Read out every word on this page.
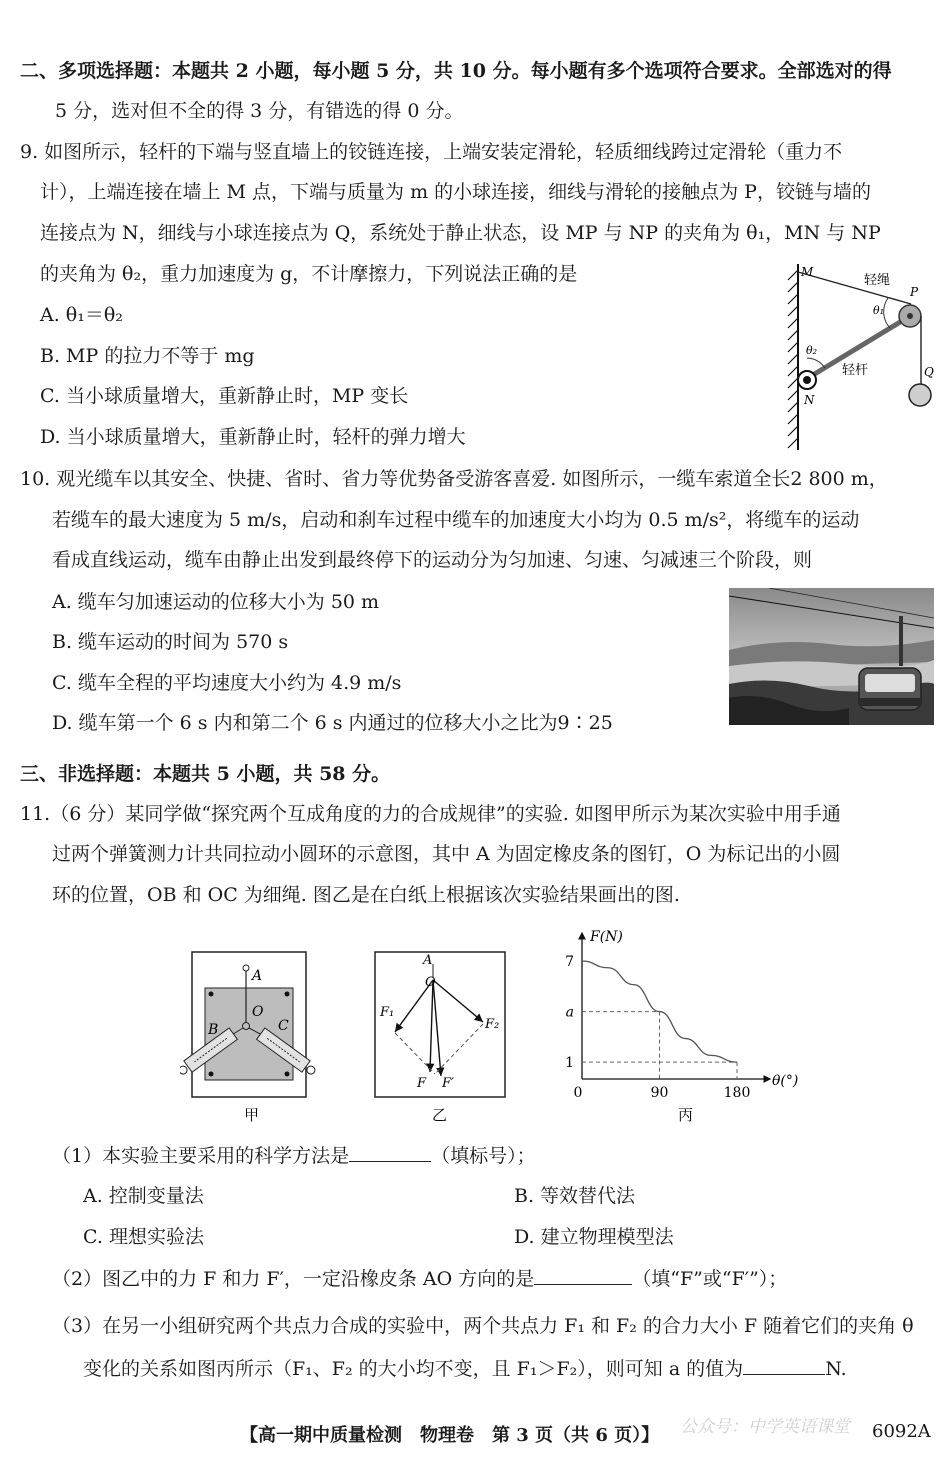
二、多项选择题：本题共 2 小题，每小题 5 分，共 10 分。每小题有多个选项符合要求。全部选对的得
5 分，选对但不全的得 3 分，有错选的得 0 分。
9. 如图所示，轻杆的下端与竖直墙上的铰链连接，上端安装定滑轮，轻质细线跨过定滑轮（重力不
计），上端连接在墙上 M 点，下端与质量为 m 的小球连接，细线与滑轮的接触点为 P，铰链与墙的
连接点为 N，细线与小球连接点为 Q，系统处于静止状态，设 MP 与 NP 的夹角为 θ₁，MN 与 NP
的夹角为 θ₂，重力加速度为 g，不计摩擦力，下列说法正确的是
A. θ₁＝θ₂
B. MP 的拉力不等于 mg
C. 当小球质量增大，重新静止时，MP 变长
D. 当小球质量增大，重新静止时，轻杆的弹力增大
M
轻绳
P
θ₁
θ₂
轻杆	Q
N
10. 观光缆车以其安全、快捷、省时、省力等优势备受游客喜爱. 如图所示，一缆车索道全长2 800 m，
若缆车的最大速度为 5 m/s，启动和刹车过程中缆车的加速度大小均为 0.5 m/s²，将缆车的运动
看成直线运动，缆车由静止出发到最终停下的运动分为匀加速、匀速、匀减速三个阶段，则
A. 缆车匀加速运动的位移大小为 50 m
B. 缆车运动的时间为 570 s
C. 缆车全程的平均速度大小约为 4.9 m/s
D. 缆车第一个 6 s 内和第二个 6 s 内通过的位移大小之比为9∶25
三、非选择题：本题共 5 小题，共 58 分。
11.（6 分）某同学做“探究两个互成角度的力的合成规律”的实验. 如图甲所示为某次实验中用手通
过两个弹簧测力计共同拉动小圆环的示意图，其中 A 为固定橡皮条的图钉，O 为标记出的小圆
环的位置，OB 和 OC 为细绳. 图乙是在白纸上根据该次实验结果画出的图.
A
O
B	C
甲
A
O
F₁
F₂
F F′
乙
F(N)
θ(°)
7
a
1
0	90	180
丙
（1）本实验主要采用的科学方法是	（填标号）；
A. 控制变量法	B. 等效替代法
C. 理想实验法	D. 建立物理模型法
（2）图乙中的力 F 和力 F′，一定沿橡皮条 AO 方向的是	（填“F”或“F′”）；
（3）在另一小组研究两个共点力合成的实验中，两个共点力 F₁ 和 F₂ 的合力大小 F 随着它们的夹角 θ
变化的关系如图丙所示（F₁、F₂ 的大小均不变，且 F₁＞F₂），则可知 a 的值为	N.
公众号：中学英语课堂
【高一期中质量检测　物理卷　第 3 页（共 6 页）】	6092A
